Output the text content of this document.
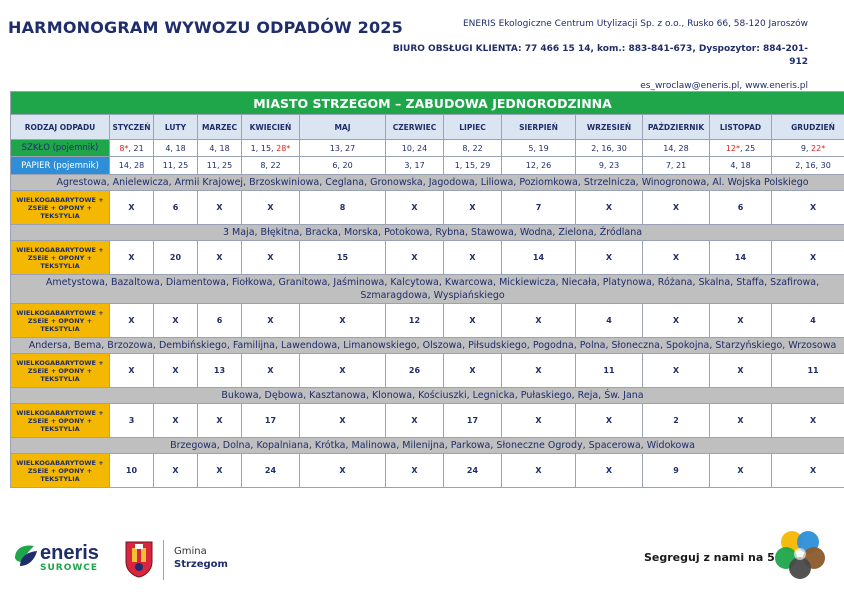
HARMONOGRAM WYWOZU ODPADÓW 2025	ENERIS Ekologiczne Centrum Utylizacji Sp. z o.o., Rusko 66, 58-120 Jaroszów
BIURO OBSŁUGI KLIENTA: 77 466 15 14, kom.: 883-841-673, Dyspozytor: 884-201-912
es_wroclaw@eneris.pl, www.eneris.pl
MIASTO STRZEGOM – ZABUDOWA JEDNORODZINNA												
RODZAJ ODPADU	STYCZEŃ	LUTY	MARZEC	KWIECIEŃ	MAJ	CZERWIEC	LIPIEC	SIERPIEŃ	WRZESIEŃ	PAŹDZIERNIK	LISTOPAD	GRUDZIEŃ
SZKŁO (pojemnik)	8*, 21	4, 18	4, 18	1, 15, 28*	13, 27	10, 24	8, 22	5, 19	2, 16, 30	14, 28	12*, 25	9, 22*
PAPIER (pojemnik)	14, 28	11, 25	11, 25	8, 22	6, 20	3, 17	1, 15, 29	12, 26	9, 23	7, 21	4, 18	2, 16, 30
Agrestowa, Anielewicza, Armii Krajowej, Brzoskwiniowa, Ceglana, Gronowska, Jagodowa, Liliowa, Poziomkowa, Strzelnicza, Winogronowa, Al. Wojska Polskiego												
WIELKOGABARYTOWE + ZSEiE + OPONY + TEKSTYLIA	X	6	X	X	8	X	X	7	X	X	6	X
3 Maja, Błękitna, Bracka, Morska, Potokowa, Rybna, Stawowa, Wodna, Zielona, Źródlana												
WIELKOGABARYTOWE + ZSEiE + OPONY + TEKSTYLIA	X	20	X	X	15	X	X	14	X	X	14	X
Ametystowa, Bazaltowa, Diamentowa, Fiołkowa, Granitowa, Jaśminowa, Kalcytowa, Kwarcowa, Mickiewicza, Niecała, Platynowa, Różana, Skalna, Staffa, Szafirowa, Szmaragdowa, Wyspiańskiego												
WIELKOGABARYTOWE + ZSEiE + OPONY + TEKSTYLIA	X	X	6	X	X	12	X	X	4	X	X	4
Andersa, Bema, Brzozowa, Dembińskiego, Familijna, Lawendowa, Limanowskiego, Olszowa, Piłsudskiego, Pogodna, Polna, Słoneczna, Spokojna, Starzyńskiego, Wrzosowa												
WIELKOGABARYTOWE + ZSEiE + OPONY + TEKSTYLIA	X	X	13	X	X	26	X	X	11	X	X	11
Bukowa, Dębowa, Kasztanowa, Klonowa, Kościuszki, Legnicka, Pułaskiego, Reja, Św. Jana												
WIELKOGABARYTOWE + ZSEiE + OPONY + TEKSTYLIA	3	X	X	17	X	X	17	X	X	2	X	X
Brzegowa, Dolna, Kopalniana, Krótka, Malinowa, Milenijna, Parkowa, Słoneczne Ogrody, Spacerowa, Widokowa												
WIELKOGABARYTOWE + ZSEiE + OPONY + TEKSTYLIA	10	X	X	24	X	X	24	X	X	9	X	X
eneris
SUROWCE
Gmina
Strzegom
Segreguj z nami na 5
